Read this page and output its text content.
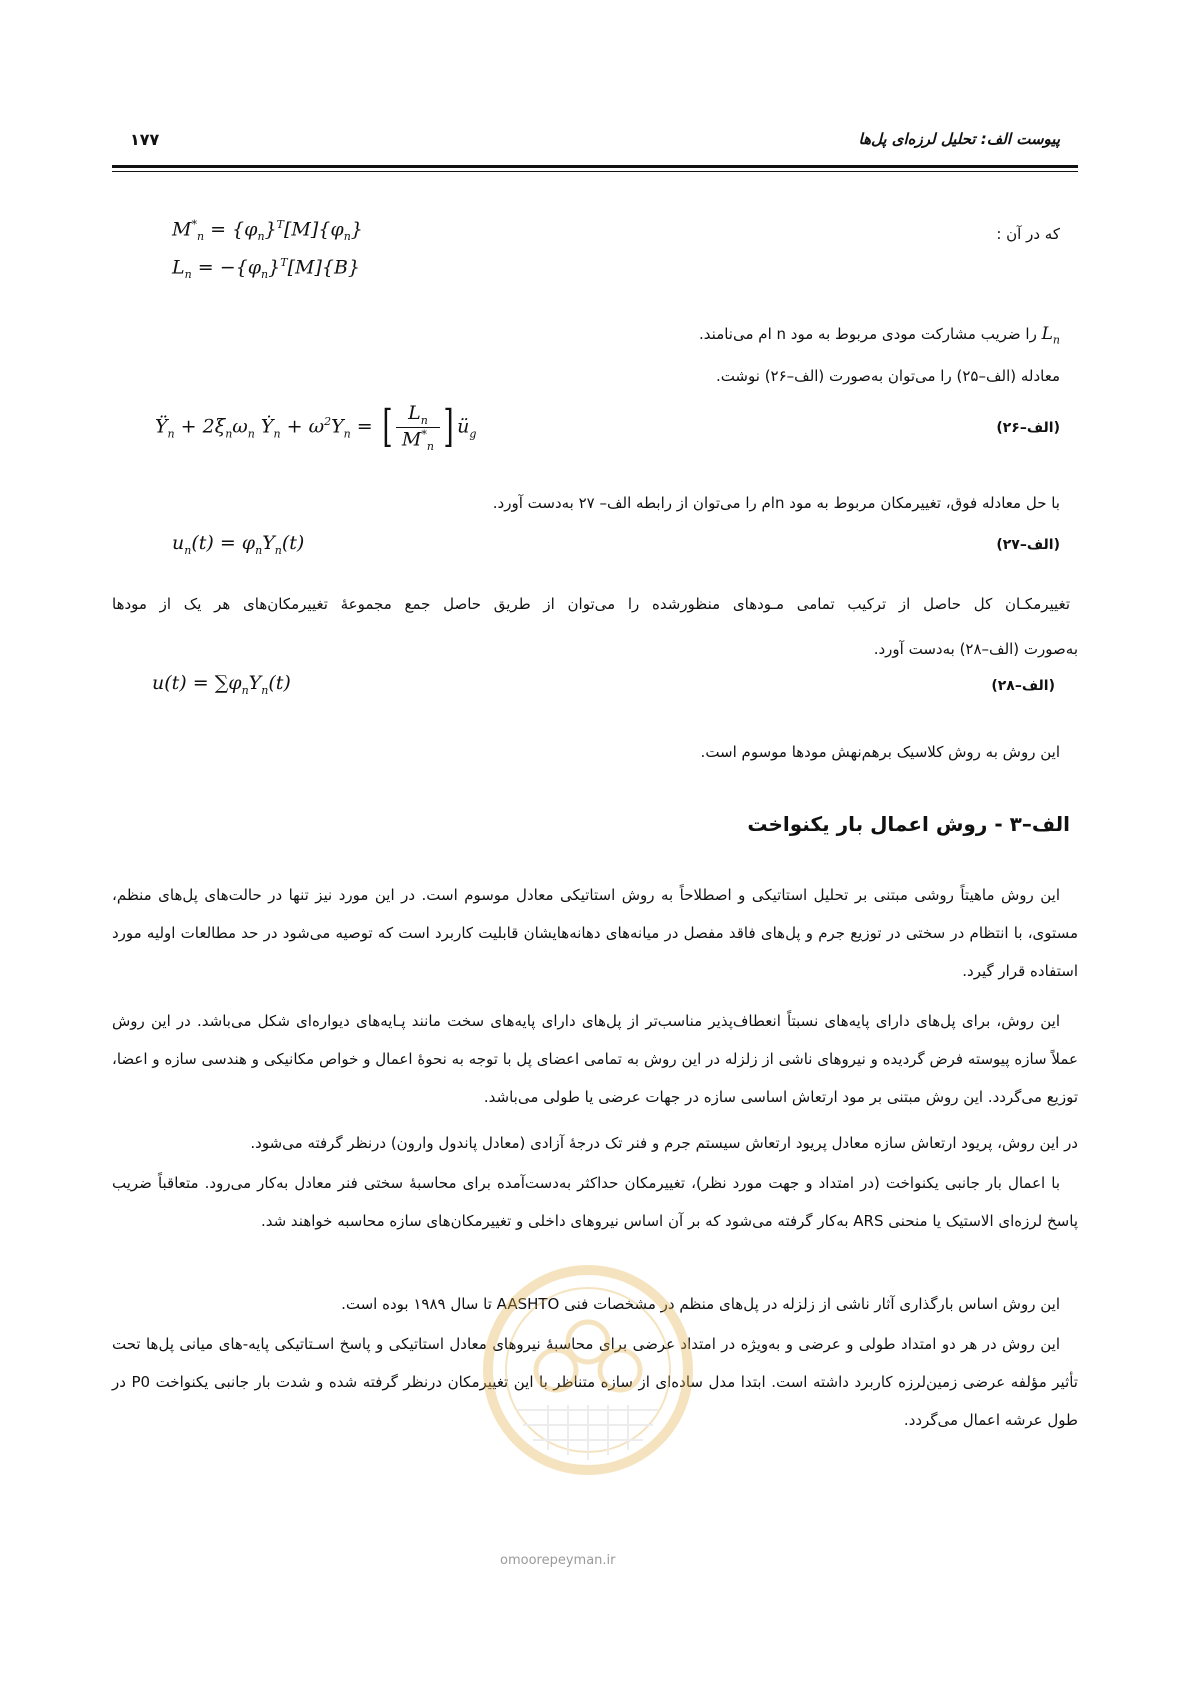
پیوست الف: تحلیل لرزه‌ای پل‌ها
۱۷۷
که در آن :
$M^*_n = \{\varphi_n\}^T[M]\{\varphi_n\}$
$L_n = -\{\varphi_n\}^T[M]\{B\}$
$L_n$ را ضریب مشارکت مودی مربوط به مود n ام می‌نامند.
معادله (الف–۲۵) را می‌توان به‌صورت (الف–۲۶) نوشت.
$Ÿ_n + 2\xi_n\omega_n$ Ẏ$_n$ + $\omega^2Y_n$ = [ $\frac{L_n}{M^*_n}$ ] $ü_g$	(الف–۲۶)
با حل معادله فوق، تغییرمکان مربوط به مود nام را می‌توان از رابطه الف– ۲۷ به‌دست آورد.
$u_n(t) = \varphi_nY_n(t)$	(الف–۲۷)
تغییرمکـان کل حاصل از ترکیب تمامی مـودهای منظورشده را می‌توان از طریق حاصل جمع مجموعهٔ تغییرمکان‌های هر یک از مودها
به‌صورت (الف–۲۸) به‌دست آورد.
$u(t) = \sum\varphi_nY_n(t)$	(الف–۲۸)
این روش به روش کلاسیک برهم‌نهش مودها موسوم است.
الف–۳ - روش اعمال بار یکنواخت
این روش ماهیتاً روشی مبتنی بر تحلیل استاتیکی و اصطلاحاً به روش استاتیکی معادل موسوم است. در این مورد نیز تنها در حالت‌های پل‌های منظم، مستوی، با انتظام در سختی در توزیع جرم و پل‌های فاقد مفصل در میانه‌های دهانه‌هایشان قابلیت کاربرد است که توصیه می‌شود در حد مطالعات اولیه مورد استفاده قرار گیرد.
این روش، برای پل‌های دارای پایه‌های نسبتاً انعطاف‌پذیر مناسب‌تر از پل‌های دارای پایه‌های سخت مانند پـایه‌های دیواره‌ای شکل می‌باشد. در این روش عملاً سازه پیوسته فرض گردیده و نیروهای ناشی از زلزله در این روش به تمامی اعضای پل با توجه به نحوهٔ اعمال و خواص مکانیکی و هندسی سازه و اعضا، توزیع می‌گردد. این روش مبتنی بر مود ارتعاش اساسی سازه در جهات عرضی یا طولی می‌باشد.
در این روش، پریود ارتعاش سازه معادل پریود ارتعاش سیستم جرم و فنر تک درجهٔ آزادی (معادل پاندول وارون) درنظر گرفته می‌شود.
با اعمال بار جانبی یکنواخت (در امتداد و جهت مورد نظر)، تغییرمکان حداکثر به‌دست‌آمده برای محاسبهٔ سختی فنر معادل به‌کار می‌رود. متعاقباً ضریب پاسخ لرزه‌ای الاستیک یا منحنی ARS به‌کار گرفته می‌شود که بر آن اساس نیروهای داخلی و تغییرمکان‌های سازه محاسبه خواهند شد.
این روش اساس بارگذاری آثار ناشی از زلزله در پل‌های منظم در مشخصات فنی AASHTO تا سال ۱۹۸۹ بوده است.
این روش در هر دو امتداد طولی و عرضی و به‌ویژه در امتداد عرضی برای محاسبهٔ نیروهای معادل استاتیکی و پاسخ اسـتاتیکی پایه-های میانی پل‌ها تحت تأثیر مؤلفه عرضی زمین‌لرزه کاربرد داشته است. ابتدا مدل ساده‌ای از سازه متناظر با این تغییرمکان درنظر گرفته شده و شدت بار جانبی یکنواخت P0 در طول عرشه اعمال می‌گردد.
omoorepeyman.ir
